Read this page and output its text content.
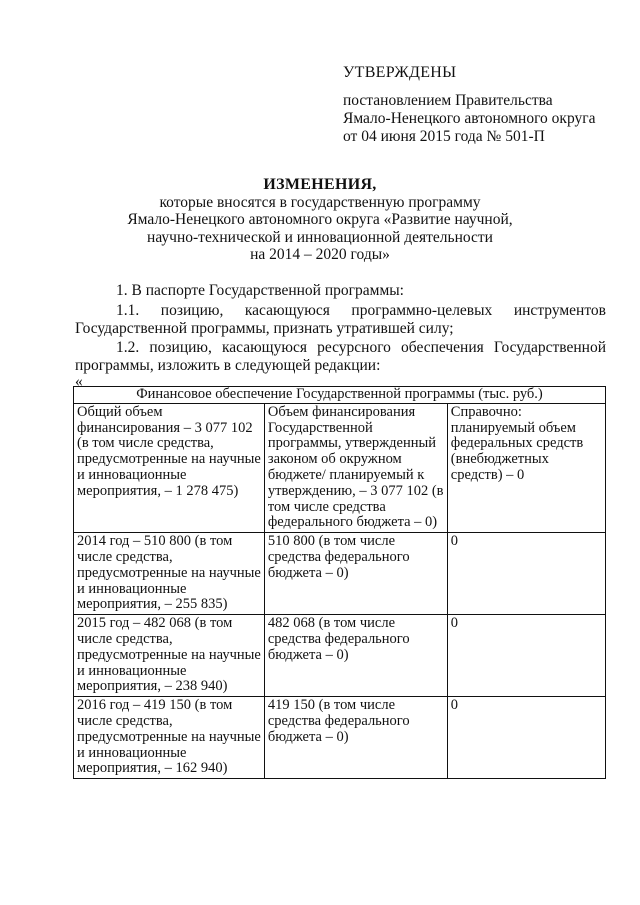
УТВЕРЖДЕНЫ
постановлением Правительства
Ямало-Ненецкого автономного округа
от 04 июня 2015 года № 501-П
ИЗМЕНЕНИЯ,
которые вносятся в государственную программу
Ямало-Ненецкого автономного округа «Развитие научной,
научно-технической и инновационной деятельности
на 2014 – 2020 годы»
1. В паспорте Государственной программы:
1.1. позицию, касающуюся программно-целевых инструментов
Государственной программы, признать утратившей силу;
1.2. позицию, касающуюся ресурсного обеспечения Государственной
программы, изложить в следующей редакции:
«
Финансовое обеспечение Государственной программы (тыс. руб.)		
Общий объем финансирования – 3 077 102 (в том числе средства, предусмотренные на научные и инновационные мероприятия, – 1 278 475)	Объем финансирования Государственной программы, утвержденный законом об окружном бюджете/ планируемый к утверждению, – 3 077 102 (в том числе средства федерального бюджета – 0)	Справочно: планируемый объем федеральных средств (внебюджетных средств) – 0
2014 год – 510 800 (в том числе средства, предусмотренные на научные и инновационные мероприятия, – 255 835)	510 800 (в том числе средства федерального бюджета – 0)	0
2015 год – 482 068 (в том числе средства, предусмотренные на научные и инновационные мероприятия, – 238 940)	482 068 (в том числе средства федерального бюджета – 0)	0
2016 год – 419 150 (в том числе средства, предусмотренные на научные и инновационные мероприятия, – 162 940)	419 150 (в том числе средства федерального бюджета – 0)	0
